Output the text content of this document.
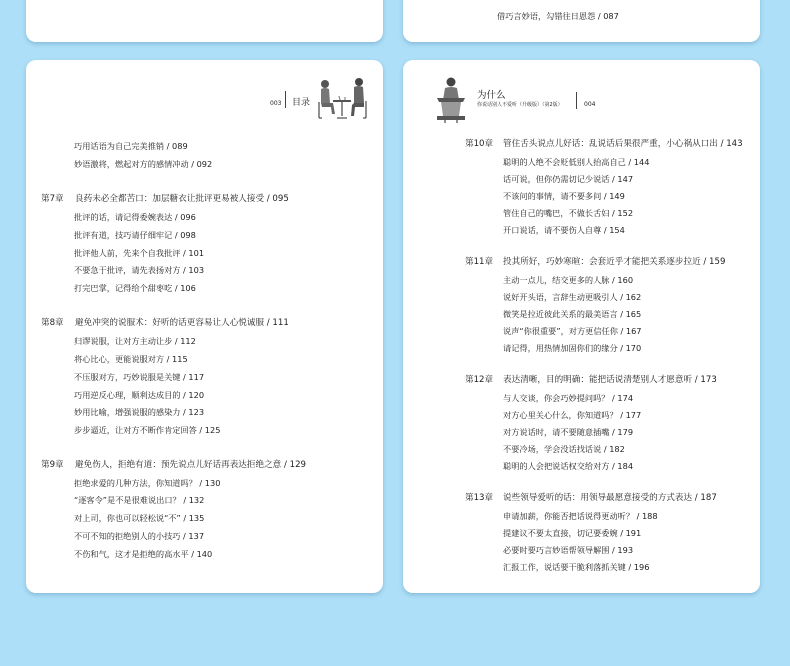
借巧言妙语，勾错往日恩怨 / 087
003 目录
巧用话语为自己完美推销 / 089
妙语激将，燃起对方的感情冲动 / 092
第7章 良药未必全都苦口：加层糖衣让批评更易被人接受 / 095
批评的话，请记得委婉表达 / 096
批评有道，技巧请仔细牢记 / 098
批评他人前，先来个自我批评 / 101
不要急于批评，请先表扬对方 / 103
打完巴掌，记得给个甜枣吃 / 106
第8章 避免冲突的说服术：好听的话更容易让人心悦诚服 / 111
归谬说服，让对方主动让步 / 112
将心比心，更能说服对方 / 115
不压服对方，巧妙说服是关键 / 117
巧用逆反心理，顺利达成目的 / 120
妙用比喻，增强说服的感染力 / 123
步步逼近，让对方不断作肯定回答 / 125
第9章 避免伤人，拒绝有道：预先说点儿好话再表达拒绝之意 / 129
拒绝求爱的几种方法，你知道吗？ / 130
“逐客令”是不是很难说出口？ / 132
对上司，你也可以轻松说“不” / 135
不可不知的拒绝别人的小技巧 / 137
不伤和气，这才是拒绝的高水平 / 140
为什么
你说话别人不爱听（升级版）（第2版）	004
第10章 管住舌头说点儿好话：乱说话后果很严重，小心祸从口出 / 143
聪明的人绝不会贬低别人抬高自己 / 144
话可说，但你仍需切记少说话 / 147
不该问的事情，请不要多问 / 149
管住自己的嘴巴，不做长舌妇 / 152
开口说话，请不要伤人自尊 / 154
第11章 投其所好，巧妙寒暄：会套近乎才能把关系逐步拉近 / 159
主动一点儿，结交更多的人脉 / 160
说好开头语，言辞生动更吸引人 / 162
微笑是拉近彼此关系的最美语言 / 165
说声“你很重要”，对方更信任你 / 167
请记得，用热情加固你们的缘分 / 170
第12章 表达清晰，目的明确：能把话说清楚别人才愿意听 / 173
与人交谈，你会巧妙提问吗？ / 174
对方心里关心什么，你知道吗？ / 177
对方说话时，请不要随意插嘴 / 179
不要冷场，学会没话找话说 / 182
聪明的人会把说话权交给对方 / 184
第13章 说些领导爱听的话：用领导最愿意接受的方式表达 / 187
申请加薪，你能否把话说得更动听？ / 188
提建议不要太直接，切记要委婉 / 191
必要时要巧言妙语帮领导解围 / 193
汇报工作，说话要干脆利落抓关键 / 196
